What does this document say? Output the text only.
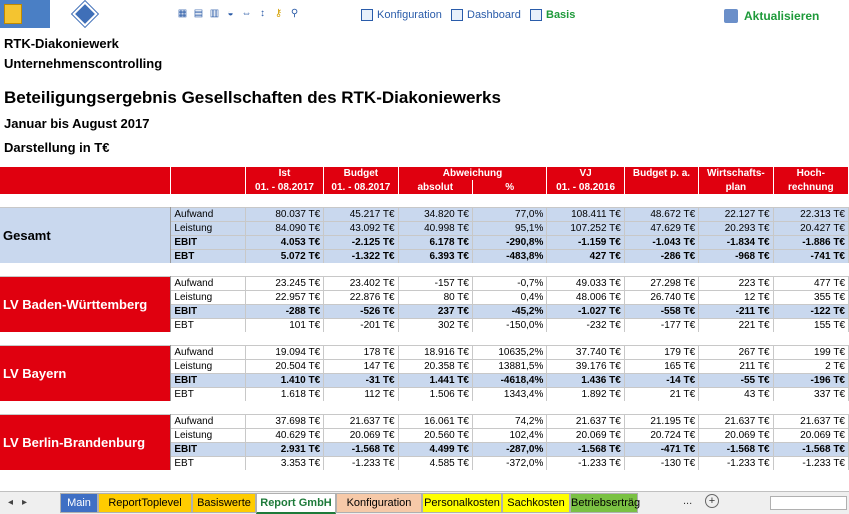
▦ ▤ ▥ ◒ ⇔ ↕ ⚷ ⚲	Konfiguration Dashboard Basis	Aktualisieren
RTK-Diakoniewerk
Unternehmenscontrolling
Beteiligungsergebnis Gesellschaften des RTK-Diakoniewerks
Januar bis August 2017
Darstellung in T€
		Ist	Budget	Abweichung		VJ	Budget p. a.	Wirtschafts-	Hoch-
		01. - 08.2017	01. - 08.2017	absolut	%	01. - 08.2016		plan	rechnung

Gesamt	Aufwand	80.037 T€	45.217 T€	34.820 T€	77,0%	108.411 T€	48.672 T€	22.127 T€	22.313 T€
	Leistung	84.090 T€	43.092 T€	40.998 T€	95,1%	107.252 T€	47.629 T€	20.293 T€	20.427 T€
	EBIT	4.053 T€	-2.125 T€	6.178 T€	-290,8%	-1.159 T€	-1.043 T€	-1.834 T€	-1.886 T€
	EBT	5.072 T€	-1.322 T€	6.393 T€	-483,8%	427 T€	-286 T€	-968 T€	-741 T€

LV Baden-Württemberg	Aufwand	23.245 T€	23.402 T€	-157 T€	-0,7%	49.033 T€	27.298 T€	223 T€	477 T€
	Leistung	22.957 T€	22.876 T€	80 T€	0,4%	48.006 T€	26.740 T€	12 T€	355 T€
	EBIT	-288 T€	-526 T€	237 T€	-45,2%	-1.027 T€	-558 T€	-211 T€	-122 T€
	EBT	101 T€	-201 T€	302 T€	-150,0%	-232 T€	-177 T€	221 T€	155 T€

LV Bayern	Aufwand	19.094 T€	178 T€	18.916 T€	10635,2%	37.740 T€	179 T€	267 T€	199 T€
	Leistung	20.504 T€	147 T€	20.358 T€	13881,5%	39.176 T€	165 T€	211 T€	2 T€
	EBIT	1.410 T€	-31 T€	1.441 T€	-4618,4%	1.436 T€	-14 T€	-55 T€	-196 T€
	EBT	1.618 T€	112 T€	1.506 T€	1343,4%	1.892 T€	21 T€	43 T€	337 T€

LV Berlin-Brandenburg	Aufwand	37.698 T€	21.637 T€	16.061 T€	74,2%	21.637 T€	21.195 T€	21.637 T€	21.637 T€
	Leistung	40.629 T€	20.069 T€	20.560 T€	102,4%	20.069 T€	20.724 T€	20.069 T€	20.069 T€
	EBIT	2.931 T€	-1.568 T€	4.499 T€	-287,0%	-1.568 T€	-471 T€	-1.568 T€	-1.568 T€
	EBT	3.353 T€	-1.233 T€	4.585 T€	-372,0%	-1.233 T€	-130 T€	-1.233 T€	-1.233 T€
◂ ▸	Main	ReportToplevel	Basiswerte Report GmbH	Konfiguration	Personalkosten Sachkosten Betriebserträg	...	+
